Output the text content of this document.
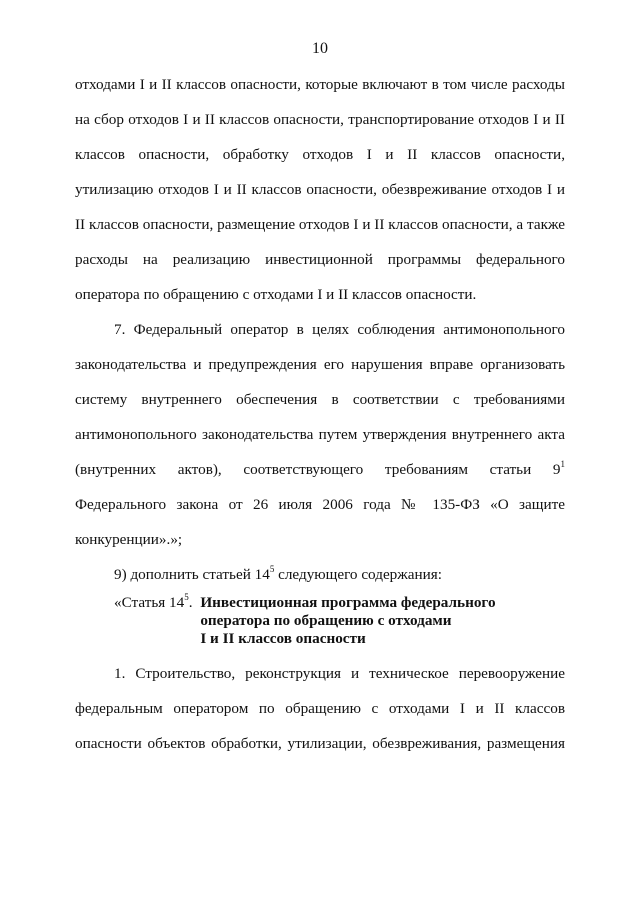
10
отходами I и II классов опасности, которые включают в том числе расходы
на сбор отходов I и II классов опасности, транспортирование отходов I и II
классов опасности, обработку отходов I и II классов опасности,
утилизацию отходов I и II классов опасности, обезвреживание отходов I и
II классов опасности, размещение отходов I и II классов опасности, а также
расходы на реализацию инвестиционной программы федерального
оператора по обращению с отходами I и II классов опасности.
7. Федеральный оператор в целях соблюдения антимонопольного
законодательства и предупреждения его нарушения вправе организовать
систему внутреннего обеспечения в соответствии с требованиями
антимонопольного законодательства путем утверждения внутреннего акта
(внутренних актов), соответствующего требованиям статьи $9^1$
Федерального закона от 26 июля 2006 года № 135-ФЗ «О защите
конкуренции».»;
9) дополнить статьей $14^5$ следующего содержания:
«Статья $14^5$. Инвестиционная программа федерального
оператора по обращению с отходами
I и II классов опасности
1. Строительство, реконструкция и техническое перевооружение
федеральным оператором по обращению с отходами I и II классов
опасности объектов обработки, утилизации, обезвреживания, размещения
